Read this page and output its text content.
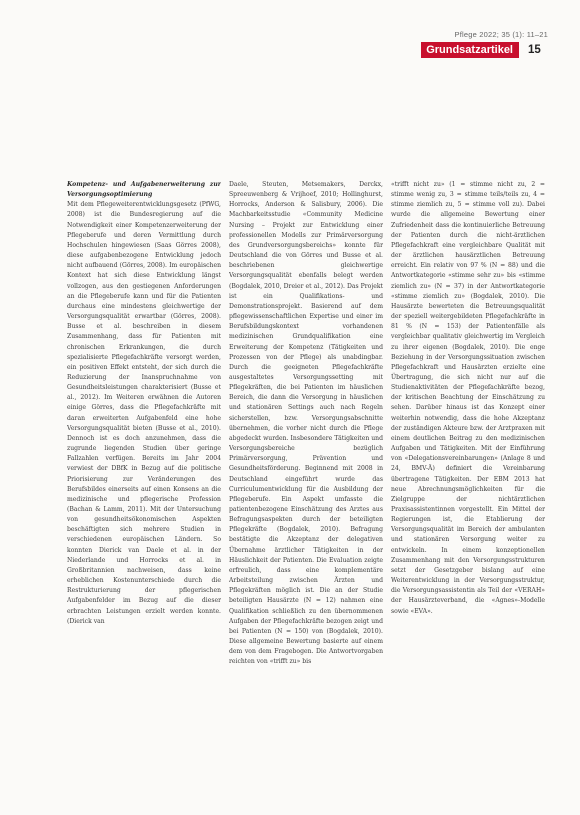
Pflege 2022; 35 (1): 11–21
Grundsatzartikel	15

Kompetenz- und Aufgabenerweiterung zur Versorgungsoptimierung

Mit dem Pflegeweiterentwicklungsgesetz (PfWG, 2008) ist die Bundesregierung auf die Notwendigkeit einer Kompetenzerweiterung der Pflegeberufe und deren Vermittlung durch Hochschulen hingewiesen (Saas Görres 2008), diese aufgabenbezogene Entwicklung jedoch nicht aufbauend (Görres, 2008). Im europäischen Kontext hat sich diese Entwicklung längst vollzogen, aus den gestiegenen Anforderungen an die Pflegeberufe kann und für die Patienten durchaus eine mindestens gleichwertige der Versorgungsqualität erwartbar (Görres, 2008). Busse et al. beschreiben in diesem Zusammenhang, dass für Patienten mit chronischen Erkrankungen, die durch spezialisierte Pflegefachkräfte versorgt werden, ein positiven Effekt entsteht, der sich durch die Reduzierung der Inanspruchnahme von Gesundheitsleistungen charakterisiert (Busse et al., 2012). Im Weiteren erwähnen die Autoren einige Görres, dass die Pflegefachkräfte mit daran erweiterten Aufgabenfeld eine hohe Versorgungsqualität bieten (Busse et al., 2010). Dennoch ist es doch anzunehmen, dass die zugrunde liegenden Studien über geringe Fallzahlen verfügen. Bereits im Jahr 2004 verwiest der DBfK in Bezug auf die politische Priorisierung zur Veränderungen des Berufsbildes einerseits auf einen Konsens an die medizinische und pflegerische Profession (Bachan & Lamm, 2011). Mit der Untersuchung von gesundheitsökonomischen Aspekten beschäftigten sich mehrere Studien in verschiedenen europäischen Ländern. So konnten Dierick van Daele et al. in der Niederlande und Horrocks et al. in Großbritannien nachweisen, dass keine erheblichen Kostenunterschiede durch die Restrukturierung der pflegerischen Aufgabenfelder im Bezug auf die dieser erbrachten Leistungen erzielt werden konnte. (Dierick van

Daele, Steuten, Metsemakers, Derckx, Spreeuwenberg & Vrijhoef, 2010; Hollinghurst, Horrocks, Anderson & Salisbury, 2006). Die Machbarkeitsstudie «Community Medicine Nursing – Projekt zur Entwicklung einer professionellen Modells zur Primärversorgung des Grundversorgungsbereichs» konnte für Deutschland die von Görres und Busse et al. beschriebenen gleichwertige Versorgungsqualität ebenfalls belegt werden (Bogdalek, 2010, Dreier et al., 2012). Das Projekt ist ein Qualifikations- und Demonstrationsprojekt. Basierend auf dem pflegewissenschaftlichen Expertise und einer im Berufsbildungskontext vorhandenen medizinischen Grundqualifikation eine Erweiterung der Kompetenz (Tätigkeiten und Prozessen von der Pflege) als unabdingbar. Durch die geeigneten Pflegefachkräfte ausgestaltetes Versorgungssetting mit Pflegekräften, die bei Patienten im häuslichen Bereich, die dann die Versorgung in häuslichen und stationären Settings auch nach Regeln sicherstellen, bzw. Versorgungsabschnitte übernehmen, die vorher nicht durch die Pflege abgedeckt wurden. Insbesondere Tätigkeiten und Versorgungsbereiche bezüglich Primärversorgung, Prävention und Gesundheitsförderung. Beginnend mit 2008 in Deutschland eingeführt wurde das Curriculumentwicklung für die Ausbildung der Pflegeberufe. Ein Aspekt umfasste die patientenbezogene Einschätzung des Arztes aus Befragungsaspekten durch der beteiligten Pflegekräfte (Bogdalek, 2010). Befragung bestätigte die Akzeptanz der delegativen Übernahme ärztlicher Tätigkeiten in der Häuslichkeit der Patienten. Die Evaluation zeigte erfreulich, dass eine komplementäre Arbeitsteilung zwischen Ärzten und Pflegekräften möglich ist. Die an der Studie beteiligten Hausärzte (N = 12) nahmen eine Qualifikation schließlich zu den übernommenen Aufgaben der Pflegefachkräfte bezogen zeigt und bei Patienten (N = 150) von (Bogdalek, 2010). Diese allgemeine Bewertung basierte auf einem dem von dem Fragebogen. Die Antwortvorgaben reichten von «trifft zu» bis

«trifft nicht zu» (1 = stimme nicht zu, 2 = stimme wenig zu, 3 = stimme teils/teils zu, 4 = stimme ziemlich zu, 5 = stimme voll zu). Dabei wurde die allgemeine Bewertung einer Zufriedenheit dass die kontinuierliche Betreuung der Patienten durch die nicht-ärztlichen Pflegefachkraft eine vergleichbare Qualität mit der ärztlichen hausärztlichen Betreuung erreicht. Ein relativ von 97 % (N = 88) und die Antwortkategorie «stimme sehr zu» bis «stimme ziemlich zu» (N = 37) in der Antwortkategorie «stimme ziemlich zu» (Bogdalek, 2010). Die Hausärzte bewerteten die Betreuungsqualität der speziell weitergebildeten Pflegefachkräfte in 81 % (N = 153) der Patientenfälle als vergleichbar qualitativ gleichwertig im Vergleich zu ihrer eigenen (Bogdalek, 2010). Die enge Beziehung in der Versorgungssituation zwischen Pflegefachkraft und Hausärzten erzielte eine Übertragung, die sich nicht nur auf die Studienaktivitäten der Pflegefachkräfte bezog, der kritischen Beachtung der Einschätzung zu sehen. Darüber hinaus ist das Konzept einer weiterhin notwendig, dass die hohe Akzeptanz der zuständigen Akteure bzw. der Arztpraxen mit einem deutlichen Beitrag zu den medizinischen Aufgaben und Tätigkeiten. Mit der Einführung von «Delegationsvereinbarungen» (Anlage 8 und 24, BMV-Ä) definiert die Vereinbarung übertragene Tätigkeiten. Der EBM 2013 hat neue Abrechnungsmöglichkeiten für die Zielgruppe der nichtärztlichen Praxisassistentinnen vorgestellt. Ein Mittel der Regierungen ist, die Etablierung der Versorgungsqualität im Bereich der ambulanten und stationären Versorgung weiter zu entwickeln. In einem konzeptionellen Zusammenhang mit den Versorgungsstrukturen setzt der Gesetzgeber bislang auf eine Weiterentwicklung in der Versorgungsstruktur, die Versorgungsassistentin als Teil der «VERAH» der Hausärzteverband, die «Agnes»-Modelle sowie «EVA».
